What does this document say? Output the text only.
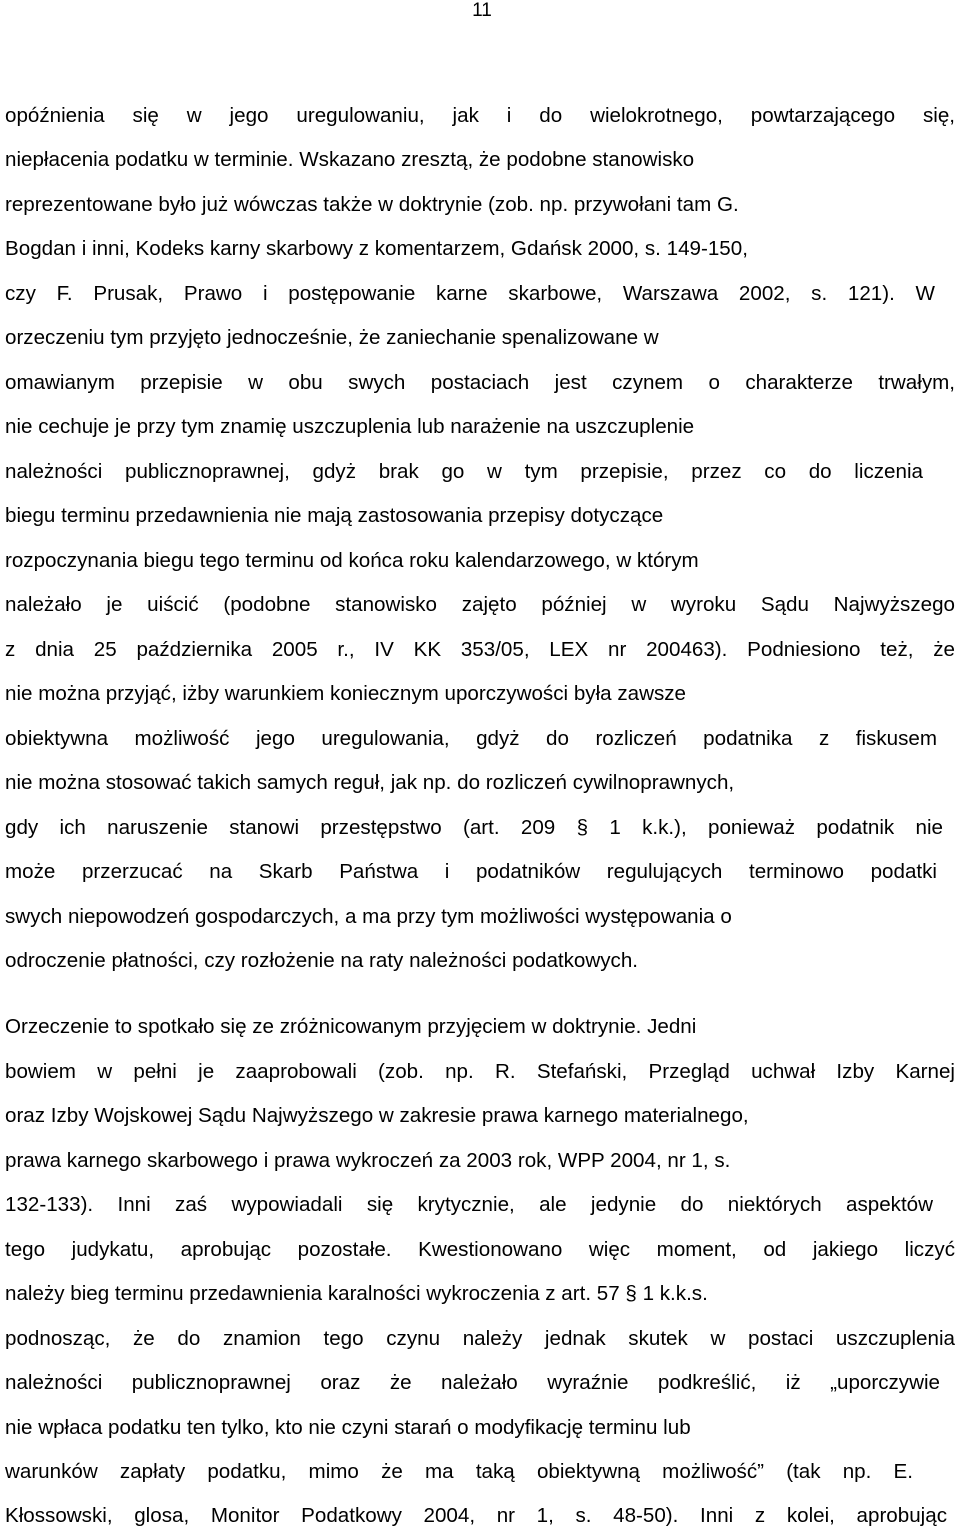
11
opóźnienia się w jego uregulowaniu, jak i do wielokrotnego, powtarzającego się,
niepłacenia podatku w terminie. Wskazano zresztą, że podobne stanowisko
reprezentowane było już wówczas także w doktrynie (zob. np. przywołani tam G.
Bogdan i inni, Kodeks karny skarbowy z komentarzem, Gdańsk 2000, s. 149-150,
czy F. Prusak, Prawo i postępowanie karne skarbowe, Warszawa 2002, s. 121). W
orzeczeniu tym przyjęto jednocześnie, że zaniechanie spenalizowane w
omawianym przepisie w obu swych postaciach jest czynem o charakterze trwałym,
nie cechuje je przy tym znamię uszczuplenia lub narażenie na uszczuplenie
należności publicznoprawnej, gdyż brak go w tym przepisie, przez co do liczenia
biegu terminu przedawnienia nie mają zastosowania przepisy dotyczące
rozpoczynania biegu tego terminu od końca roku kalendarzowego, w którym
należało je uiścić (podobne stanowisko zajęto później w wyroku Sądu Najwyższego
z dnia 25 października 2005 r., IV KK 353/05, LEX nr 200463). Podniesiono też, że
nie można przyjąć, iżby warunkiem koniecznym uporczywości była zawsze
obiektywna możliwość jego uregulowania, gdyż do rozliczeń podatnika z fiskusem
nie można stosować takich samych reguł, jak np. do rozliczeń cywilnoprawnych,
gdy ich naruszenie stanowi przestępstwo (art. 209 § 1 k.k.), ponieważ podatnik nie
może przerzucać na Skarb Państwa i podatników regulujących terminowo podatki
swych niepowodzeń gospodarczych, a ma przy tym możliwości występowania o
odroczenie płatności, czy rozłożenie na raty należności podatkowych.
Orzeczenie to spotkało się ze zróżnicowanym przyjęciem w doktrynie. Jedni
bowiem w pełni je zaaprobowali (zob. np. R. Stefański, Przegląd uchwał Izby Karnej
oraz Izby Wojskowej Sądu Najwyższego w zakresie prawa karnego materialnego,
prawa karnego skarbowego i prawa wykroczeń za 2003 rok, WPP 2004, nr 1, s.
132-133). Inni zaś wypowiadali się krytycznie, ale jedynie do niektórych aspektów
tego judykatu, aprobując pozostałe. Kwestionowano więc moment, od jakiego liczyć
należy bieg terminu przedawnienia karalności wykroczenia z art. 57 § 1 k.k.s.
podnosząc, że do znamion tego czynu należy jednak skutek w postaci uszczuplenia
należności publicznoprawnej oraz że należało wyraźnie podkreślić, iż „uporczywie
nie wpłaca podatku ten tylko, kto nie czyni starań o modyfikację terminu lub
warunków zapłaty podatku, mimo że ma taką obiektywną możliwość” (tak np. E.
Kłossowski, glosa, Monitor Podatkowy 2004, nr 1, s. 48-50). Inni z kolei, aprobując
